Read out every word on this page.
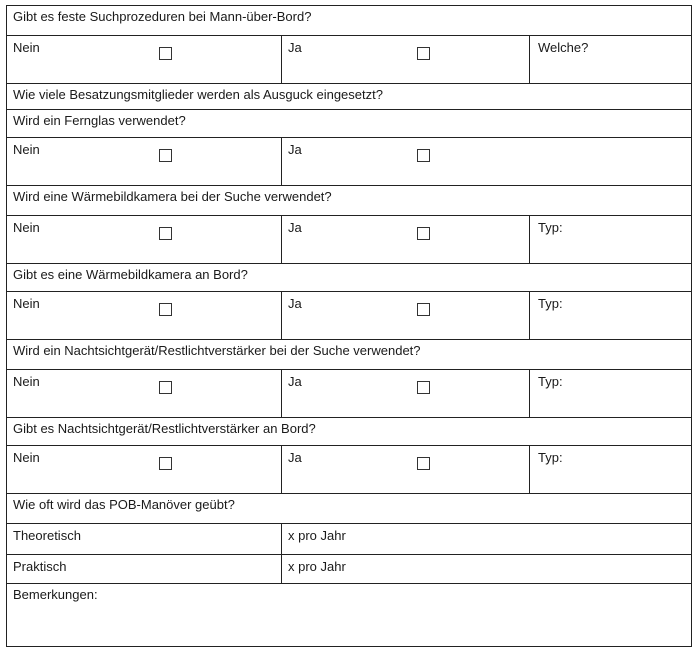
Gibt es feste Suchprozeduren bei Mann-über-Bord?
Nein	Ja	Welche?
Wie viele Besatzungsmitglieder werden als Ausguck eingesetzt?
Wird ein Fernglas verwendet?
Nein	Ja
Wird eine Wärmebildkamera bei der Suche verwendet?
Nein	Ja	Typ:
Gibt es eine Wärmebildkamera an Bord?
Nein	Ja	Typ:
Wird ein Nachtsichtgerät/Restlichtverstärker bei der Suche verwendet?
Nein	Ja	Typ:
Gibt es Nachtsichtgerät/Restlichtverstärker an Bord?
Nein	Ja	Typ:
Wie oft wird das POB-Manöver geübt?
Theoretisch	x pro Jahr
Praktisch	x pro Jahr
Bemerkungen:
